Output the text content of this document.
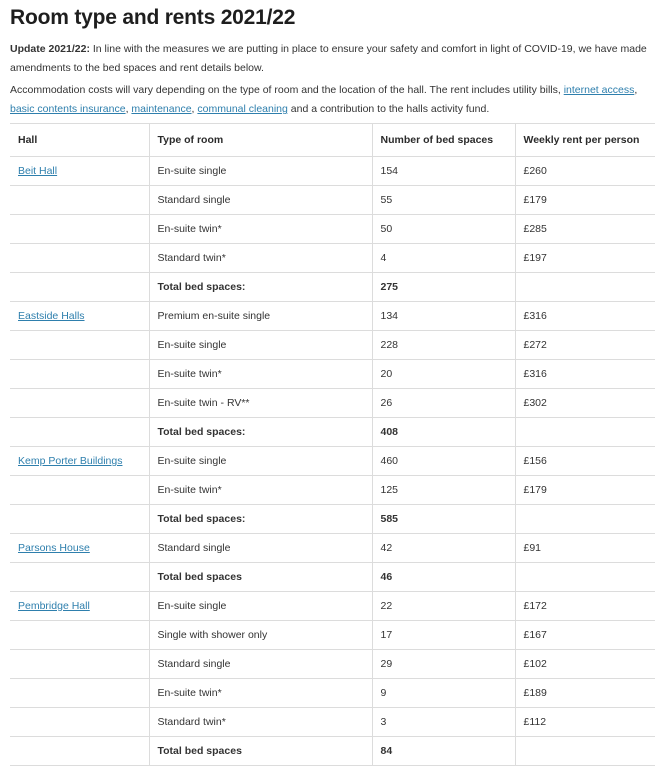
Room type and rents 2021/22

Update 2021/22: In line with the measures we are putting in place to ensure your safety and comfort in light of COVID-19, we have made amendments to the bed spaces and rent details below.

Accommodation costs will vary depending on the type of room and the location of the hall. The rent includes utility bills, internet access, basic contents insurance, maintenance, communal cleaning and a contribution to the halls activity fund.

Hall	Type of room	Number of bed spaces	Weekly rent per person
Beit Hall	En-suite single	154	£260
	Standard single	55	£179
	En-suite twin*	50	£285
	Standard twin*	4	£197
	Total bed spaces:	275	
Eastside Halls	Premium en-suite single	134	£316
	En-suite single	228	£272
	En-suite twin*	20	£316
	En-suite twin - RV**	26	£302
	Total bed spaces:	408	
Kemp Porter Buildings	En-suite single	460	£156
	En-suite twin*	125	£179
	Total bed spaces:	585	
Parsons House	Standard single	42	£91
	Total bed spaces	46	
Pembridge Hall	En-suite single	22	£172
	Single with shower only	17	£167
	Standard single	29	£102
	En-suite twin*	9	£189
	Standard twin*	3	£112
	Total bed spaces	84	
